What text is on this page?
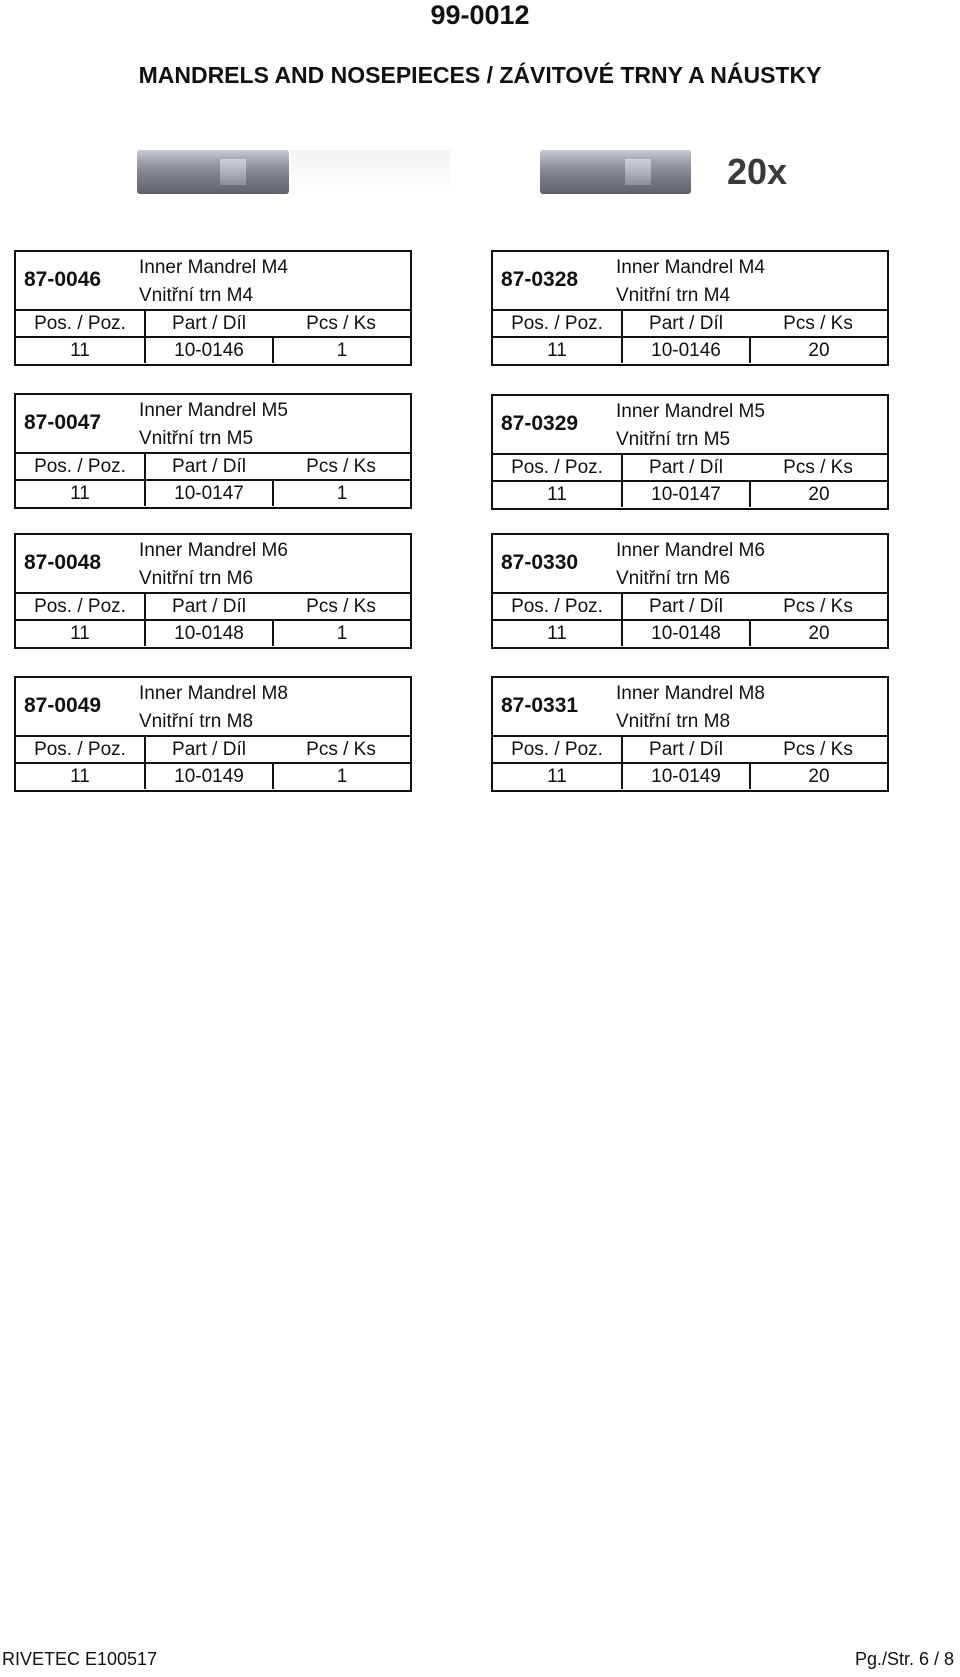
99-0012
MANDRELS AND NOSEPIECES / ZÁVITOVÉ TRNY A NÁUSTKY
20x
87-0046
Inner Mandrel M4
Vnitřní trn M4
Pos. / Poz.	Part / Díl	Pcs / Ks
11	10-0146	1
87-0047
Inner Mandrel M5
Vnitřní trn M5
Pos. / Poz.	Part / Díl	Pcs / Ks
11	10-0147	1
87-0048
Inner Mandrel M6
Vnitřní trn M6
Pos. / Poz.	Part / Díl	Pcs / Ks
11	10-0148	1
87-0049
Inner Mandrel M8
Vnitřní trn M8
Pos. / Poz.	Part / Díl	Pcs / Ks
11	10-0149	1
87-0328
Inner Mandrel M4
Vnitřní trn M4
Pos. / Poz.	Part / Díl	Pcs / Ks
11	10-0146	20
87-0329
Inner Mandrel M5
Vnitřní trn M5
Pos. / Poz.	Part / Díl	Pcs / Ks
11	10-0147	20
87-0330
Inner Mandrel M6
Vnitřní trn M6
Pos. / Poz.	Part / Díl	Pcs / Ks
11	10-0148	20
87-0331
Inner Mandrel M8
Vnitřní trn M8
Pos. / Poz.	Part / Díl	Pcs / Ks
11	10-0149	20
RIVETEC E100517	Pg./Str. 6 / 8
